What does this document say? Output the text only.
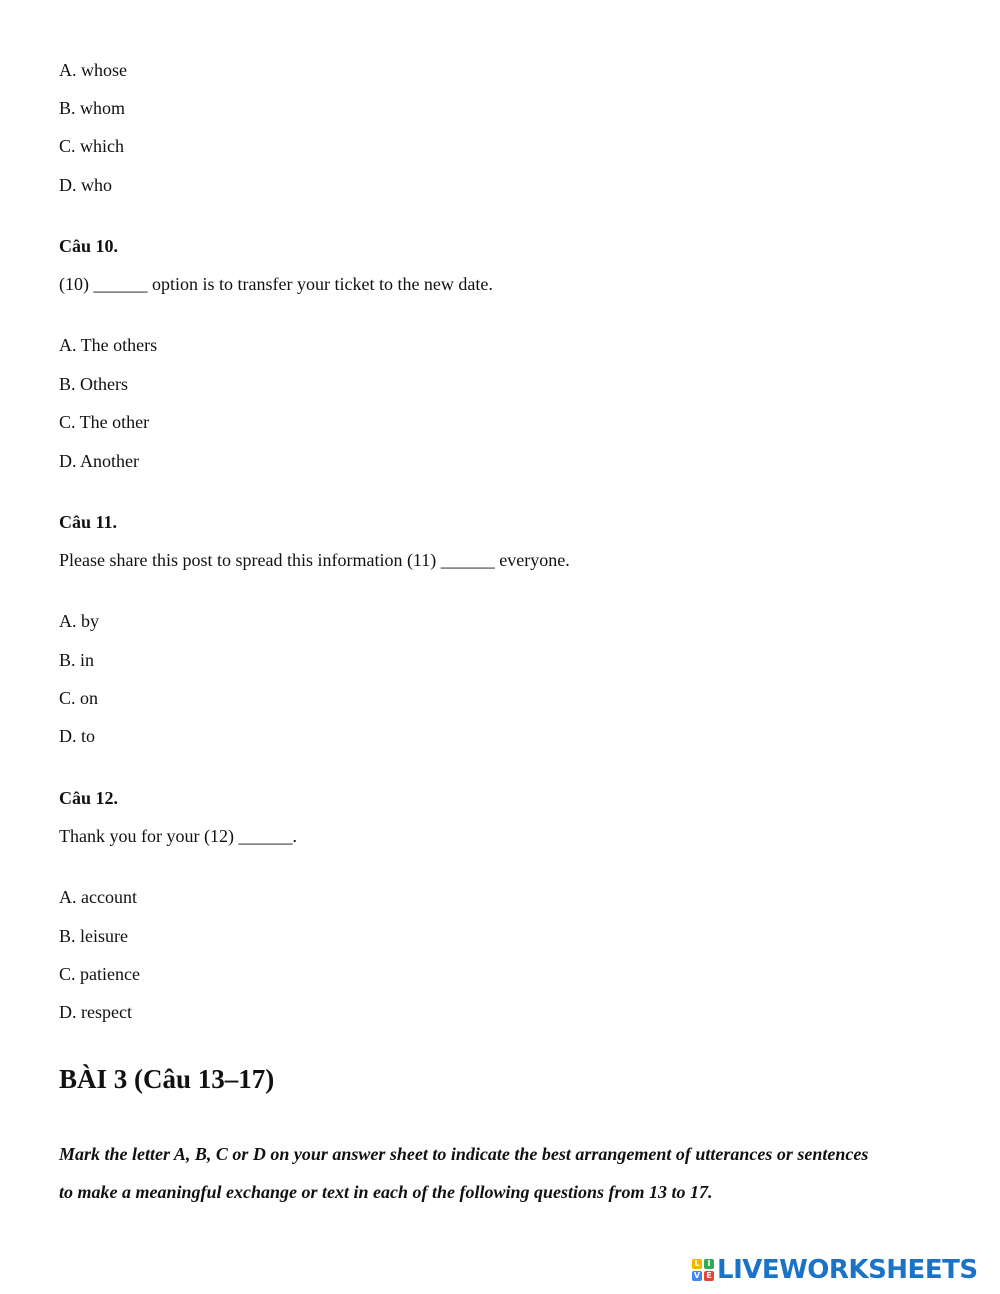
A. whose
B. whom
C. which
D. who
Câu 10.
(10) ______ option is to transfer your ticket to the new date.
A. The others
B. Others
C. The other
D. Another
Câu 11.
Please share this post to spread this information (11) ______ everyone.
A. by
B. in
C. on
D. to
Câu 12.
Thank you for your (12) ______.
A. account
B. leisure
C. patience
D. respect
BÀI 3 (Câu 13–17)
Mark the letter A, B, C or D on your answer sheet to indicate the best arrangement of utterances or sentences
to make a meaningful exchange or text in each of the following questions from 13 to 17.
L I
V E LIVEWORKSHEETS
